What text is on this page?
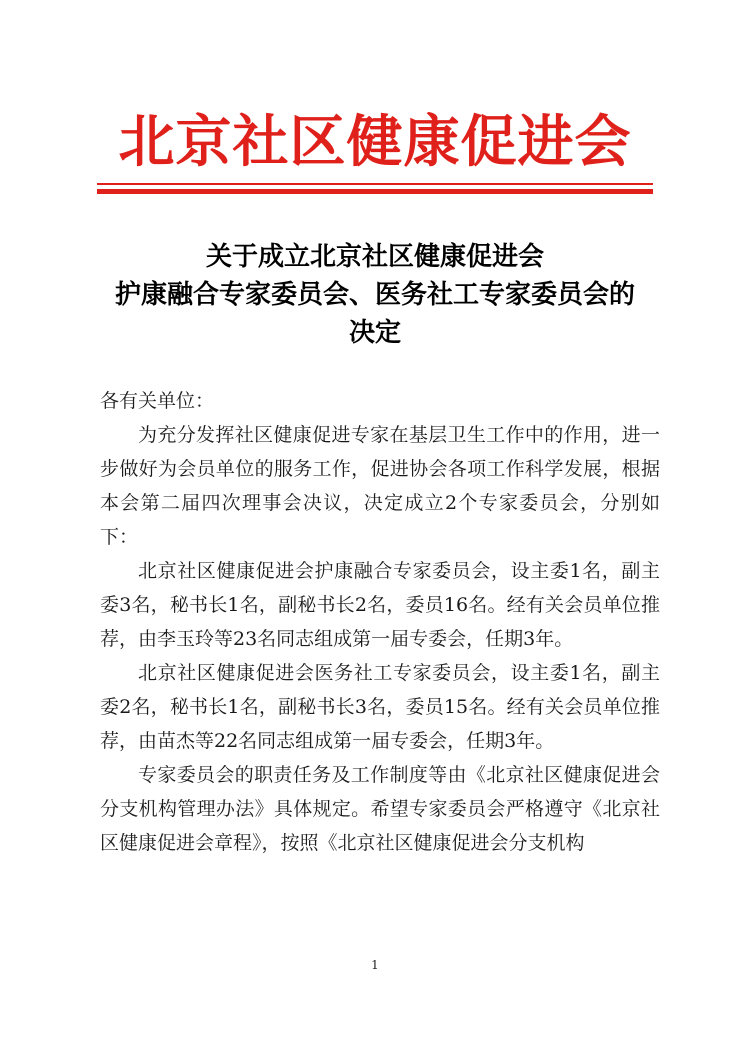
北京社区健康促进会
关于成立北京社区健康促进会
护康融合专家委员会、医务社工专家委员会的
决定

各有关单位：

为充分发挥社区健康促进专家在基层卫生工作中的作用，进一步做好为会员单位的服务工作，促进协会各项工作科学发展，根据本会第二届四次理事会决议，决定成立2个专家委员会，分别如下：

北京社区健康促进会护康融合专家委员会，设主委1名，副主委3名，秘书长1名，副秘书长2名，委员16名。经有关会员单位推荐，由李玉玲等23名同志组成第一届专委会，任期3年。

北京社区健康促进会医务社工专家委员会，设主委1名，副主委2名，秘书长1名，副秘书长3名，委员15名。经有关会员单位推荐，由苗杰等22名同志组成第一届专委会，任期3年。

专家委员会的职责任务及工作制度等由《北京社区健康促进会分支机构管理办法》具体规定。希望专家委员会严格遵守《北京社区健康促进会章程》，按照《北京社区健康促进会分支机构

1
